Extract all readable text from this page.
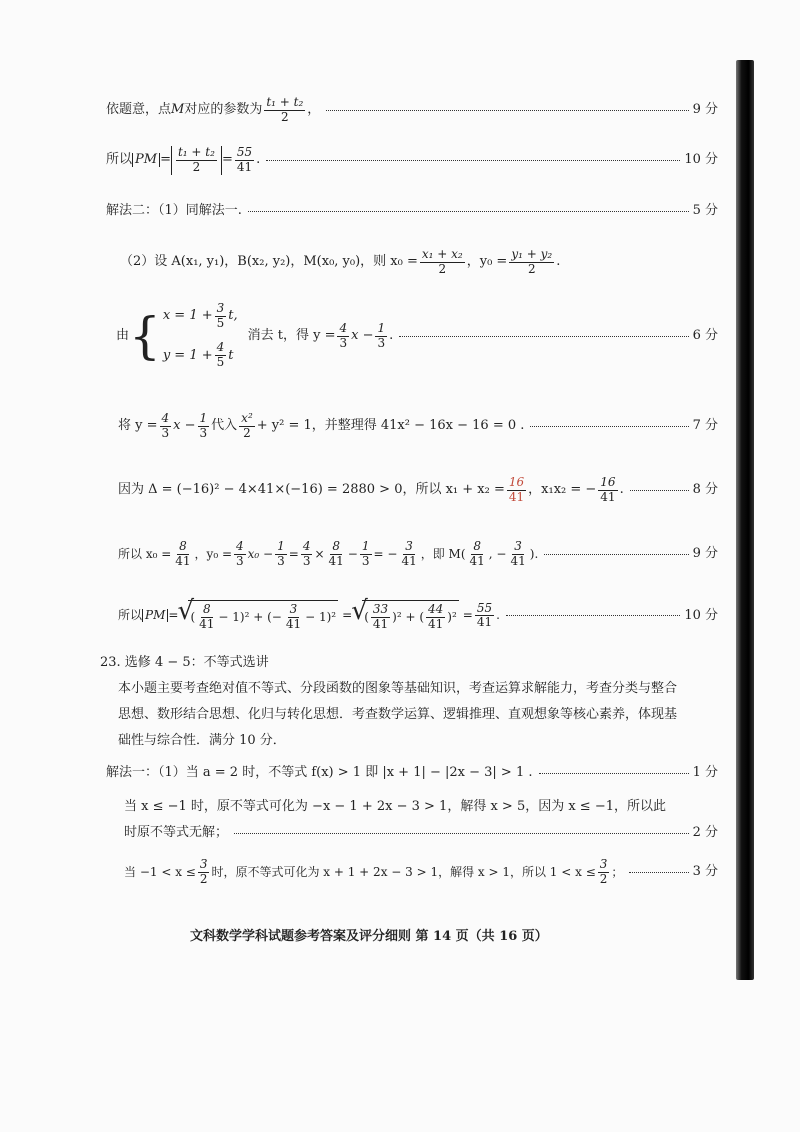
依题意，点 M 对应的参数为 $\frac{\text{t₁ + t₂}}{2}$ ，	9 分
所以 PM = $\frac{\text{t₁ + t₂}}{2} = \frac{55}{41}$ .	10 分
解法二：（1）同解法一.	5 分
（2）设 A(x₁, y₁)，B(x₂, y₂)，M(x₀, y₀)，则 $x_0 = \frac{\text{x₁ + x₂}}{2}$ ，$y_0 = \frac{\text{y₁ + y₂}}{2}$ .
由 { $x = 1 + \frac{3}{5} t$,
$y = 1 + \frac{4}{5}$ t
消去 t，得 $y = \frac{4}{3}$ $x - \frac{1}{3}$ .	6 分
将 $y = \frac{4}{3}$ $x - \frac{1}{3}$ 代入 $\frac{\text{x²}}{2} + y^2 = 1$，并整理得 41x² − 16x − 16 = 0 .	7 分
因为 Δ = (−16)² − 4×41×(−16) = 2880 > 0，所以 $x_1 + x_2 = \frac{16}{41}$ ，x₁x₂ = − $\frac{16}{41}$ .	8 分
所以 $x_0 = \frac{8}{41}$ ，$y_0 = \frac{4}{3} x_0 - \frac{1}{3} = \frac{4}{3} \times \frac{8}{41} - \frac{1}{3}$ = − $\frac{3}{41}$ ，即 $M( \frac{8}{41}$ , − $\frac{3}{41}$ ).	9 分
所以 PM = √ ( $\frac{8}{41} - 1)^2$ + (− $\frac{3}{41} - 1)^2$ = √ ( $\frac{33}{41} )^2$ + ( $\frac{44}{41} )^2 = \frac{55}{41}$ .	10 分
23. 选修 4 − 5：不等式选讲
本小题主要考查绝对值不等式、分段函数的图象等基础知识，考查运算求解能力，考查分类与整合思想、数形结合思想、化归与转化思想．考查数学运算、逻辑推理、直观想象等核心素养，体现基础性与综合性．满分 10 分．
解法一：（1）当 a = 2 时，不等式 f(x) > 1 即 |x + 1| − |2x − 3| > 1 .	1 分
当 x ≤ −1 时，原不等式可化为 −x − 1 + 2x − 3 > 1，解得 x > 5，因为 x ≤ −1，所以此
时原不等式无解；	2 分
当 $-1 < x \le \frac{3}{2}$ 时，原不等式可化为 x + 1 + 2x − 3 > 1，解得 x > 1，所以 $1 < x \le \frac{3}{2}$ ；	3 分
文科数学学科试题参考答案及评分细则 第 14 页（共 16 页）
